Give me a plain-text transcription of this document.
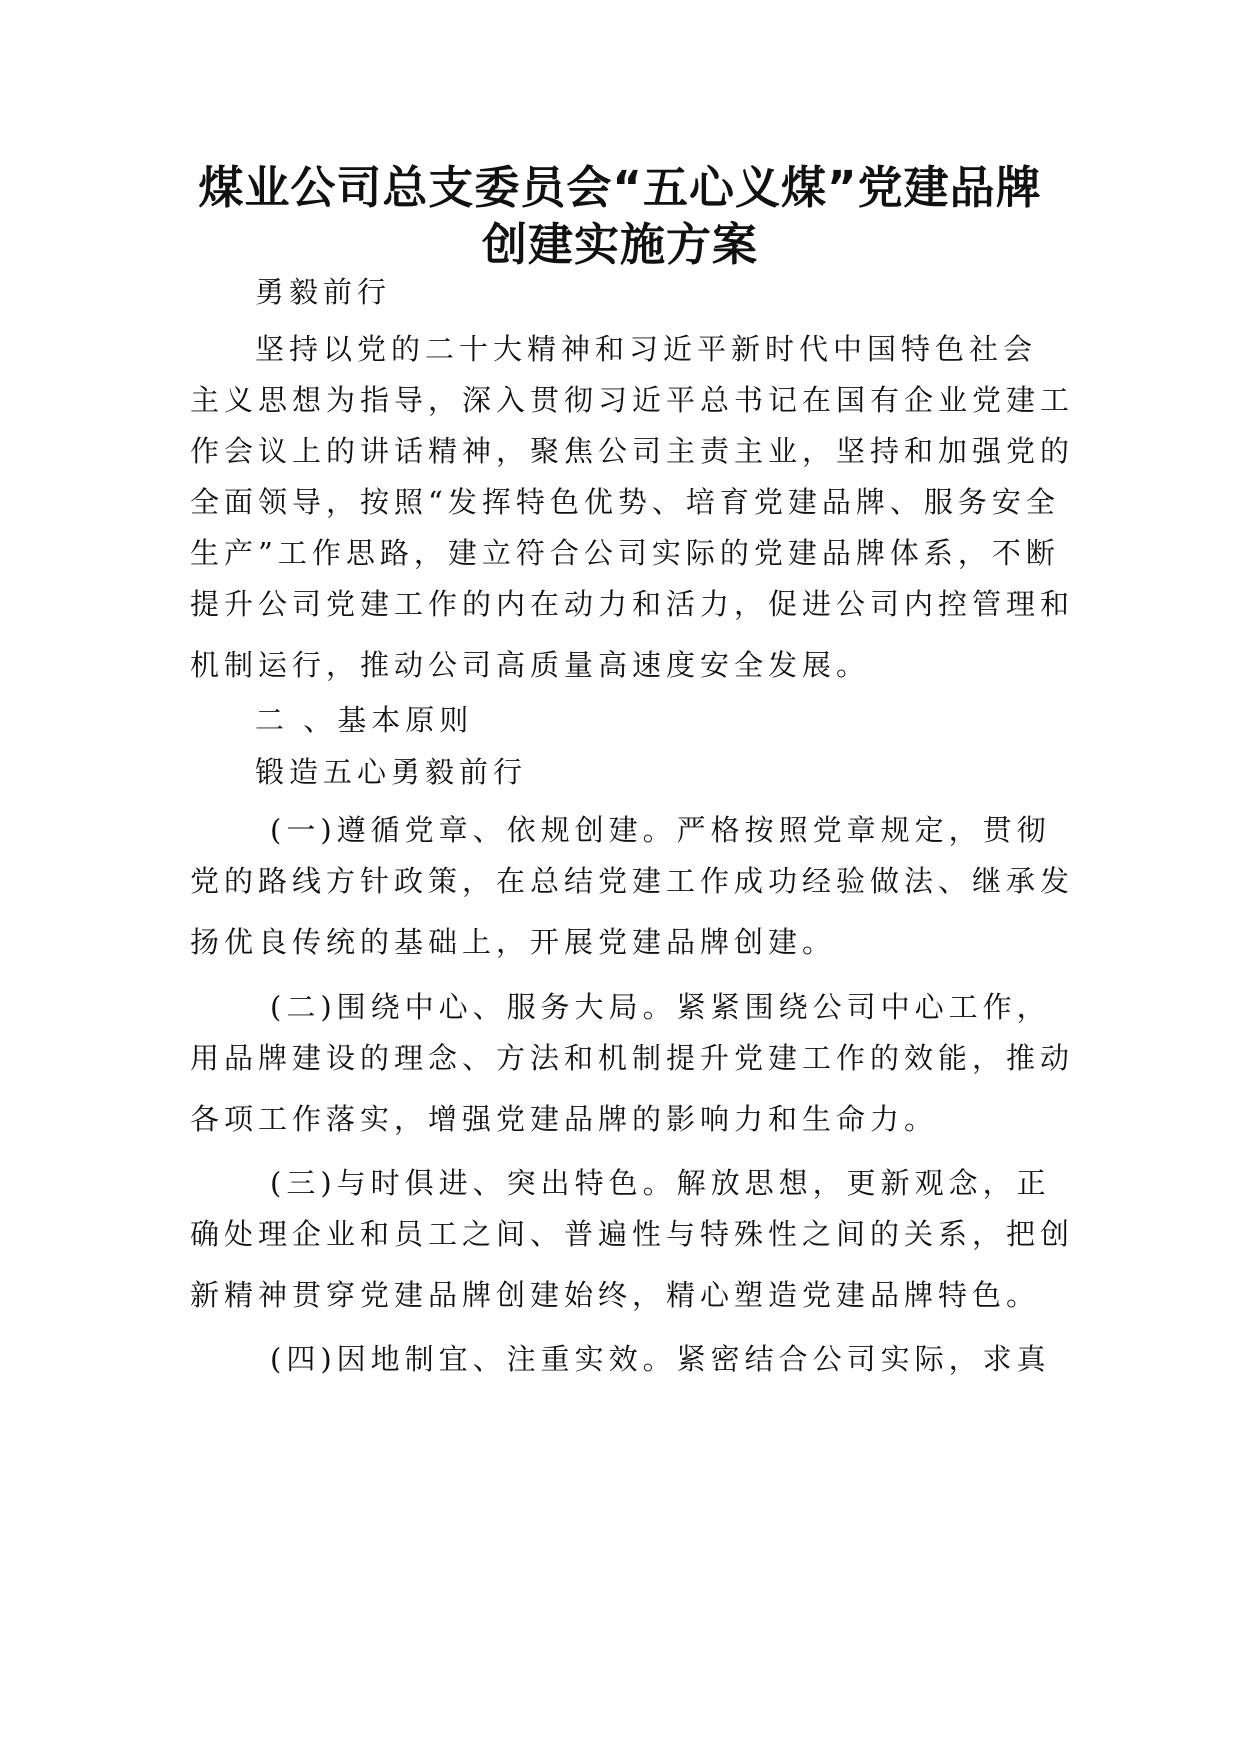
煤业公司总支委员会“五心义煤”党建品牌
创建实施方案
勇毅前行
坚持以党的二十大精神和习近平新时代中国特色社会
主义思想为指导，深入贯彻习近平总书记在国有企业党建工
作会议上的讲话精神，聚焦公司主责主业，坚持和加强党的
全面领导，按照“发挥特色优势、培育党建品牌、服务安全
生产”工作思路，建立符合公司实际的党建品牌体系，不断
提升公司党建工作的内在动力和活力，促进公司内控管理和
机制运行，推动公司高质量高速度安全发展。
二 、基本原则
锻造五心勇毅前行
(一)遵循党章、依规创建。严格按照党章规定，贯彻
党的路线方针政策，在总结党建工作成功经验做法、继承发
扬优良传统的基础上，开展党建品牌创建。
(二)围绕中心、服务大局。紧紧围绕公司中心工作，
用品牌建设的理念、方法和机制提升党建工作的效能，推动
各项工作落实，增强党建品牌的影响力和生命力。
(三)与时俱进、突出特色。解放思想，更新观念，正
确处理企业和员工之间、普遍性与特殊性之间的关系，把创
新精神贯穿党建品牌创建始终，精心塑造党建品牌特色。
(四)因地制宜、注重实效。紧密结合公司实际，求真
